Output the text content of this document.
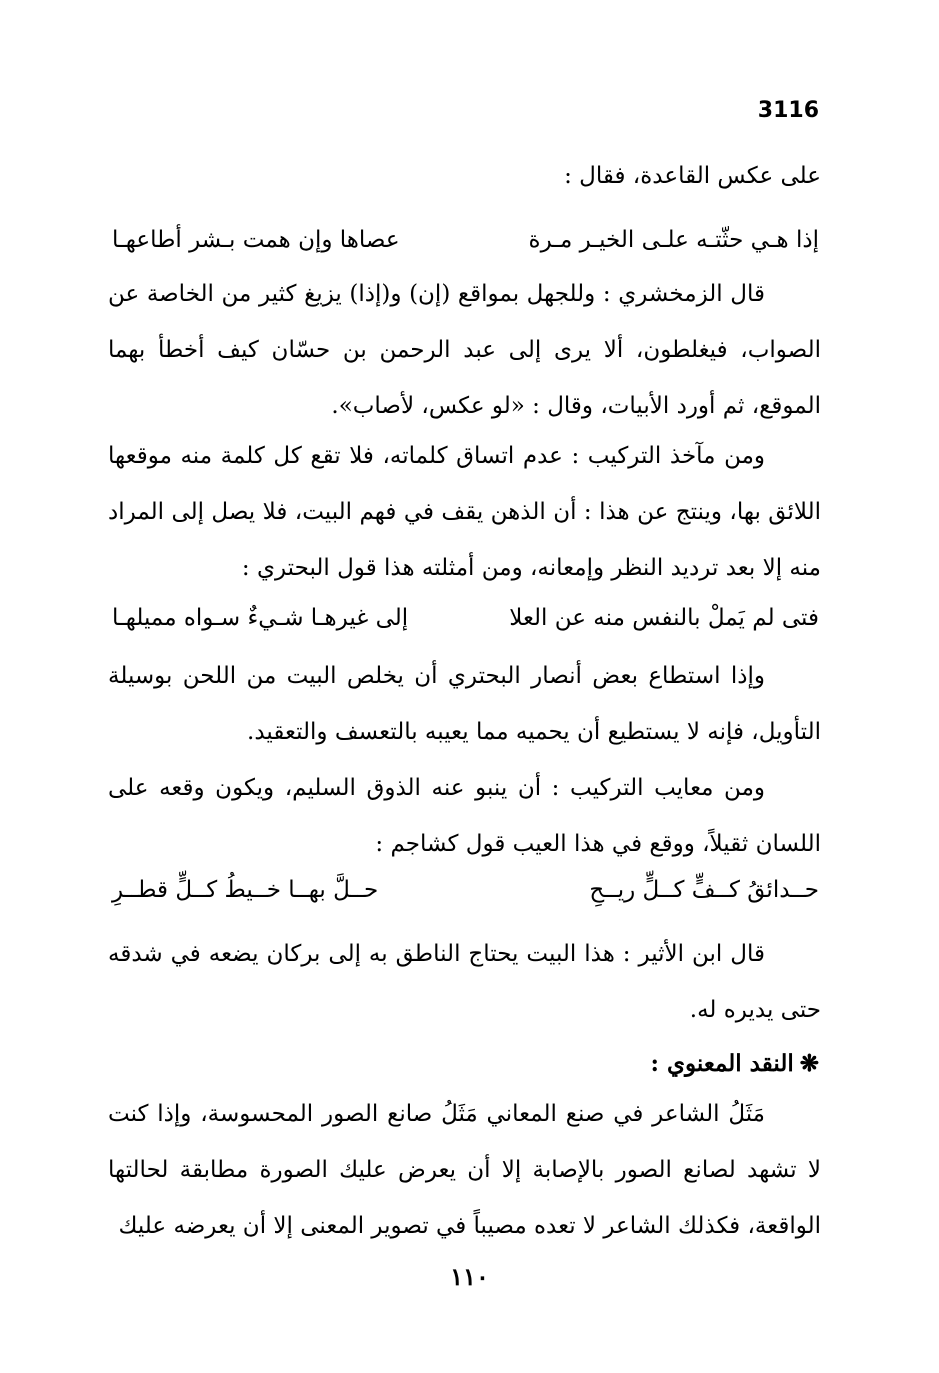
3116

على عكس القاعدة، فقال :

إذا هـي حثّتـه علـى الخيـر مـرة
عصاها وإن همت بـشر أطاعهـا

قال الزمخشري : وللجهل بمواقع (إن) و(إذا) يزيغ كثير من الخاصة عن الصواب، فيغلطون، ألا يرى إلى عبد الرحمن بن حسّان كيف أخطأ بهما الموقع، ثم أورد الأبيات، وقال : «لو عكس، لأصاب».

ومن مآخذ التركيب : عدم اتساق كلماته، فلا تقع كل كلمة منه موقعها اللائق بها، وينتج عن هذا : أن الذهن يقف في فهم البيت، فلا يصل إلى المراد منه إلا بعد ترديد النظر وإمعانه، ومن أمثلته هذا قول البحتري :

فتى لم يَملْ بالنفس منه عن العلا
إلى غيرهـا شـيءٌ سـواه مميلهـا

وإذا استطاع بعض أنصار البحتري أن يخلص البيت من اللحن بوسيلة التأويل، فإنه لا يستطيع أن يحميه مما يعيبه بالتعسف والتعقيد.

ومن معايب التركيب : أن ينبو عنه الذوق السليم، ويكون وقعه على اللسان ثقيلاً، ووقع في هذا العيب قول كشاجم :

حــدائقُ كــفٍّ كــلٍّ ريــحِ
حــلَّ بهــا خــيطُ كــلٍّ قطــرِ

قال ابن الأثير : هذا البيت يحتاج الناطق به إلى بركان يضعه في شدقه حتى يديره له.

❋النقد المعنوي :

مَثَلُ الشاعر في صنع المعاني مَثَلُ صانع الصور المحسوسة، وإذا كنت لا تشهد لصانع الصور بالإصابة إلا أن يعرض عليك الصورة مطابقة لحالتها الواقعة، فكذلك الشاعر لا تعده مصيباً في تصوير المعنى إلا أن يعرضه عليك

١١٠
